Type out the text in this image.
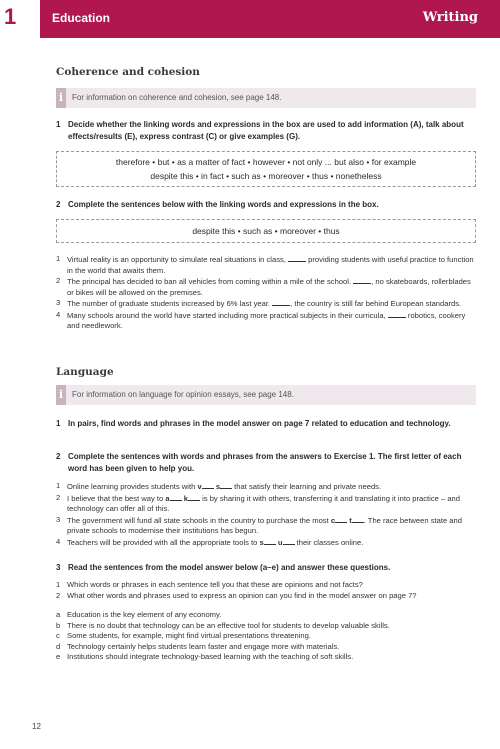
1	Education	Writing
Coherence and cohesion
i	For information on coherence and cohesion, see page 148.
1 Decide whether the linking words and expressions in the box are used to add information (A), talk about effects/results (E), express contrast (C) or give examples (G).
therefore • but • as a matter of fact • however • not only ... but also • for example
despite this • in fact • such as • moreover • thus • nonetheless
2 Complete the sentences below with the linking words and expressions in the box.
despite this • such as • moreover • thus
1 Virtual reality is an opportunity to simulate real situations in class,	providing students with useful practice to function in the world that awaits them.
2 The principal has decided to ban all vehicles from coming within a mile of the school.	, no skateboards, rollerblades or bikes will be allowed on the premises.
3 The number of graduate students increased by 6% last year.	, the country is still far behind European standards.
4 Many schools around the world have started including more practical subjects in their curricula,	robotics, cookery and needlework.
Language
i	For information on language for opinion essays, see page 148.
1 In pairs, find words and phrases in the model answer on page 7 related to education and technology.
2 Complete the sentences with words and phrases from the answers to Exercise 1. The first letter of each word has been given to help you.
1 Online learning provides students with v s that satisfy their learning and private needs.
2 I believe that the best way to a k is by sharing it with others, transferring it and translating it into practice – and technology can offer all of this.
3 The government will fund all state schools in the country to purchase the most c t . The race between state and private schools to modernise their institutions has begun.
4 Teachers will be provided with all the appropriate tools to s u their classes online.
3 Read the sentences from the model answer below (a–e) and answer these questions.
1 Which words or phrases in each sentence tell you that these are opinions and not facts?
2 What other words and phrases used to express an opinion can you find in the model answer on page 7?
a Education is the key element of any economy.
b There is no doubt that technology can be an effective tool for students to develop valuable skills.
c Some students, for example, might find virtual presentations threatening.
d Technology certainly helps students learn faster and engage more with materials.
e Institutions should integrate technology-based learning with the teaching of soft skills.
12
